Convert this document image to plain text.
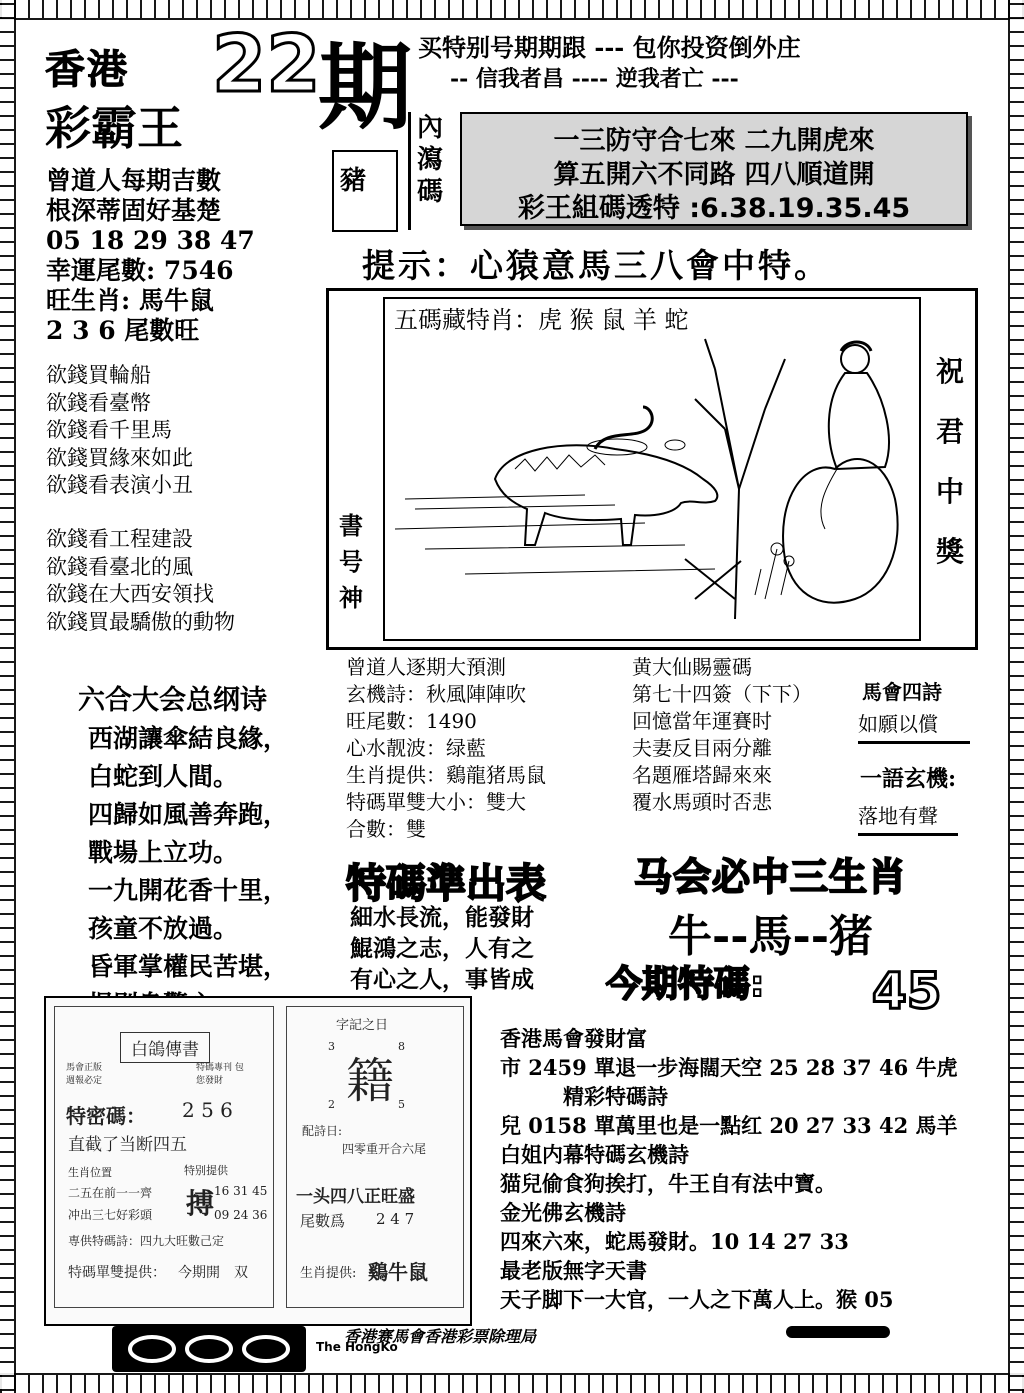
香港
彩霸王
22
期 买特别号期期跟 --- 包你投资倒外庄
-- 信我者昌 ---- 逆我者亡 ---
曾道人每期吉數
根深蒂固好基楚
05 18 29 38 47
幸運尾數: 7546
旺生肖: 馬牛鼠
2 3 6 尾數旺
欲錢買輪船
欲錢看臺幣
欲錢看千里馬
欲錢買緣來如此
欲錢看表演小丑
欲錢看工程建設
欲錢看臺北的風
欲錢在大西安領找
欲錢買最驕傲的動物
豬
內
瀉
碼
一三防守合七來 二九開虎來
算五開六不同路 四八順道開
彩王組碼透特 :6.38.19.35.45
提示：心猿意馬三八會中特。
五碼藏特肖：虎 猴 鼠 羊 蛇
書
号
神
祝
君
中
獎
六合大会总纲诗
西湖讓傘結良緣，
白蛇到人間。
四歸如風善奔跑，
戰場上立功。
一九開花香十里，
孩童不放過。
昏軍掌權民苦堪，
曾道人逐期大預測
玄機詩：秋風陣陣吹
旺尾數：1490
心水靓波：绿藍
生肖提供：鷄龍猪馬鼠
特碼單雙大小：雙大
合數：雙
黄大仙賜靈碼
第七十四簽（下下）
回憶當年運賽时
夫妻反目兩分離
名題雁塔歸來來
覆水馬頭时否悲
馬會四詩
如願以償
一語玄機:
落地有聲
特碼準出表
細水長流，能發財
鯤鴻之志，人有之
有心之人，事皆成
马会必中三生肖
牛--馬--猪
今期特碼: 45
白鴿傳書
馬會正版 週報必定
特碼專刊 包您發財
特密碼： 2 5 6
直截了当断四五
生肖位置
二五在前一一齊
冲出三七好彩頭
特别提供
搏 16 31 45
09 24 36
専供特碼詩：四九大旺數己定
特碼單雙提供： 今期開　双
字記之日
3	8
籍
2	5
配詩日:
四零重开合六尾
一头四八正旺盛
尾數爲 2 4 7
生肖提供: 鷄牛鼠
香港馬會發財富
市 2459 單退一步海闊天空 25 28 37 46 牛虎
　　　精彩特碼詩
兒 0158 單萬里也是一點红 20 27 33 42 馬羊
白姐内幕特碼玄機詩
猫兒偷食狗挨打，牛王自有法中寶。
金光佛玄機詩
四來六來，蛇馬發財。10 14 27 33
最老版無字天書
天子脚下一大官，一人之下萬人上。猴 05
香港赛馬會香港彩票除理局
The HongKo
